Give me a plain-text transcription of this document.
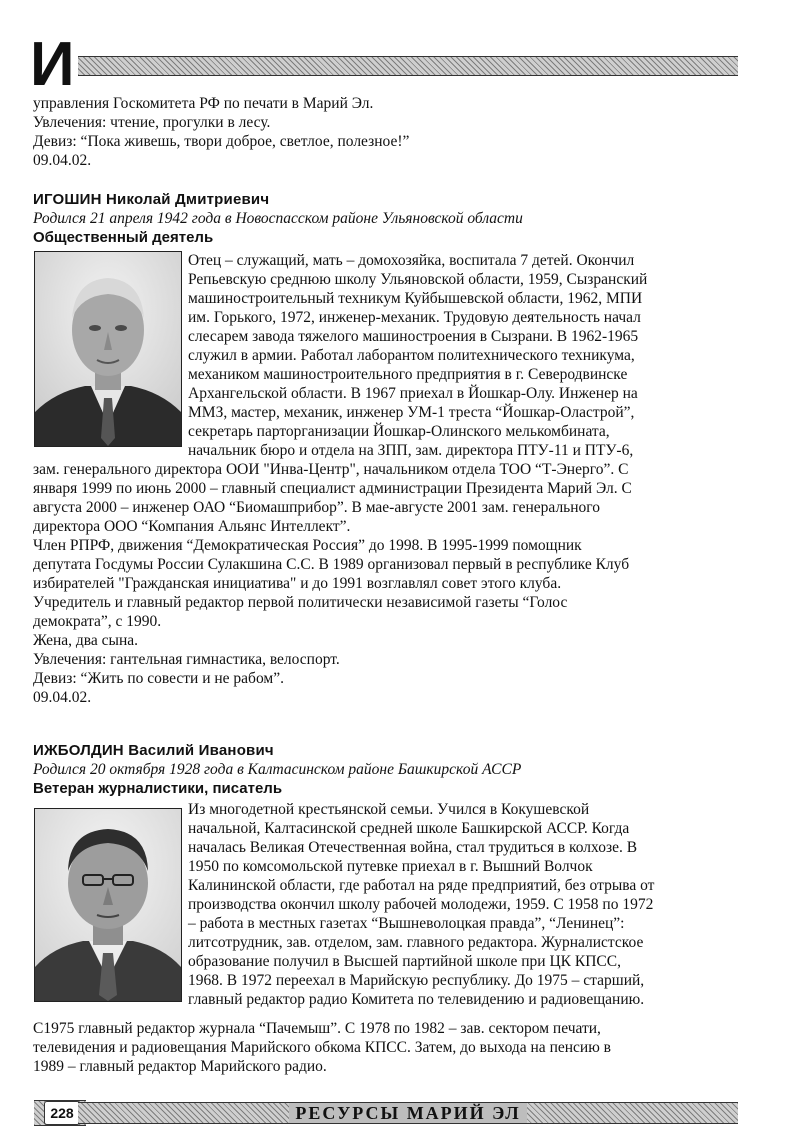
И
управления Госкомитета РФ по печати в Марий Эл.
Увлечения: чтение, прогулки в лесу.
Девиз: “Пока живешь, твори доброе, светлое, полезное!”
09.04.02.
ИГОШИН Николай Дмитриевич
Родился 21 апреля 1942 года в Новоспасском районе Ульяновской области
Общественный деятель
Отец – служащий, мать – домохозяйка, воспитала 7 детей. Окончил
Репьевскую среднюю школу Ульяновской области, 1959, Сызранский
машиностроительный техникум Куйбышевской области, 1962, МПИ
им. Горького, 1972, инженер-механик. Трудовую деятельность начал
слесарем завода тяжелого машиностроения в Сызрани. В 1962-1965
служил в армии. Работал лаборантом политехнического техникума,
механиком машиностроительного предприятия в г. Северодвинске
Архангельской области. В 1967 приехал в Йошкар-Олу. Инженер на
ММЗ, мастер, механик, инженер УМ-1 треста “Йошкар-Оластрой”,
секретарь парторганизации Йошкар-Олинского мелькомбината,
начальник бюро и отдела на ЗПП, зам. директора ПТУ-11 и ПТУ-6,
зам. генерального директора ООИ "Инва-Центр", начальником отдела ТОО “Т-Энерго”. С
января 1999 по июнь 2000 – главный специалист администрации Президента Марий Эл. С
августа 2000 – инженер ОАО “Биомашприбор”. В мае-августе 2001 зам. генерального
директора ООО “Компания Альянс Интеллект”.
Член РПРФ, движения “Демократическая Россия” до 1998. В 1995-1999 помощник
депутата Госдумы России Сулакшина С.С. В 1989 организовал первый в республике Клуб
избирателей "Гражданская инициатива" и до 1991 возглавлял совет этого клуба.
Учредитель и главный редактор первой политически независимой газеты “Голос
демократа”, с 1990.
Жена, два сына.
Увлечения: гантельная гимнастика, велоспорт.
Девиз: “Жить по совести и не рабом”.
09.04.02.
ИЖБОЛДИН Василий Иванович
Родился 20 октября 1928 года в Калтасинском районе Башкирской АССР
Ветеран журналистики, писатель
Из многодетной крестьянской семьи. Учился в Кокушевской
начальной, Калтасинской средней школе Башкирской АССР. Когда
началась Великая Отечественная война, стал трудиться в колхозе. В
1950 по комсомольской путевке приехал в г. Вышний Волчок
Калининской области, где работал на ряде предприятий, без отрыва от
производства окончил школу рабочей молодежи, 1959. С 1958 по 1972
– работа в местных газетах “Вышневолоцкая правда”, “Ленинец”:
литсотрудник, зав. отделом, зам. главного редактора. Журналистское
образование получил в Высшей партийной школе при ЦК КПСС,
1968. В 1972 переехал в Марийскую республику. До 1975 – старший,
главный редактор радио Комитета по телевидению и радиовещанию.
С1975 главный редактор журнала “Пачемыш”. С 1978 по 1982 – зав. сектором печати,
телевидения и радиовещания Марийского обкома КПСС. Затем, до выхода на пенсию в
1989 – главный редактор Марийского радио.
228	РЕСУРСЫ МАРИЙ ЭЛ
